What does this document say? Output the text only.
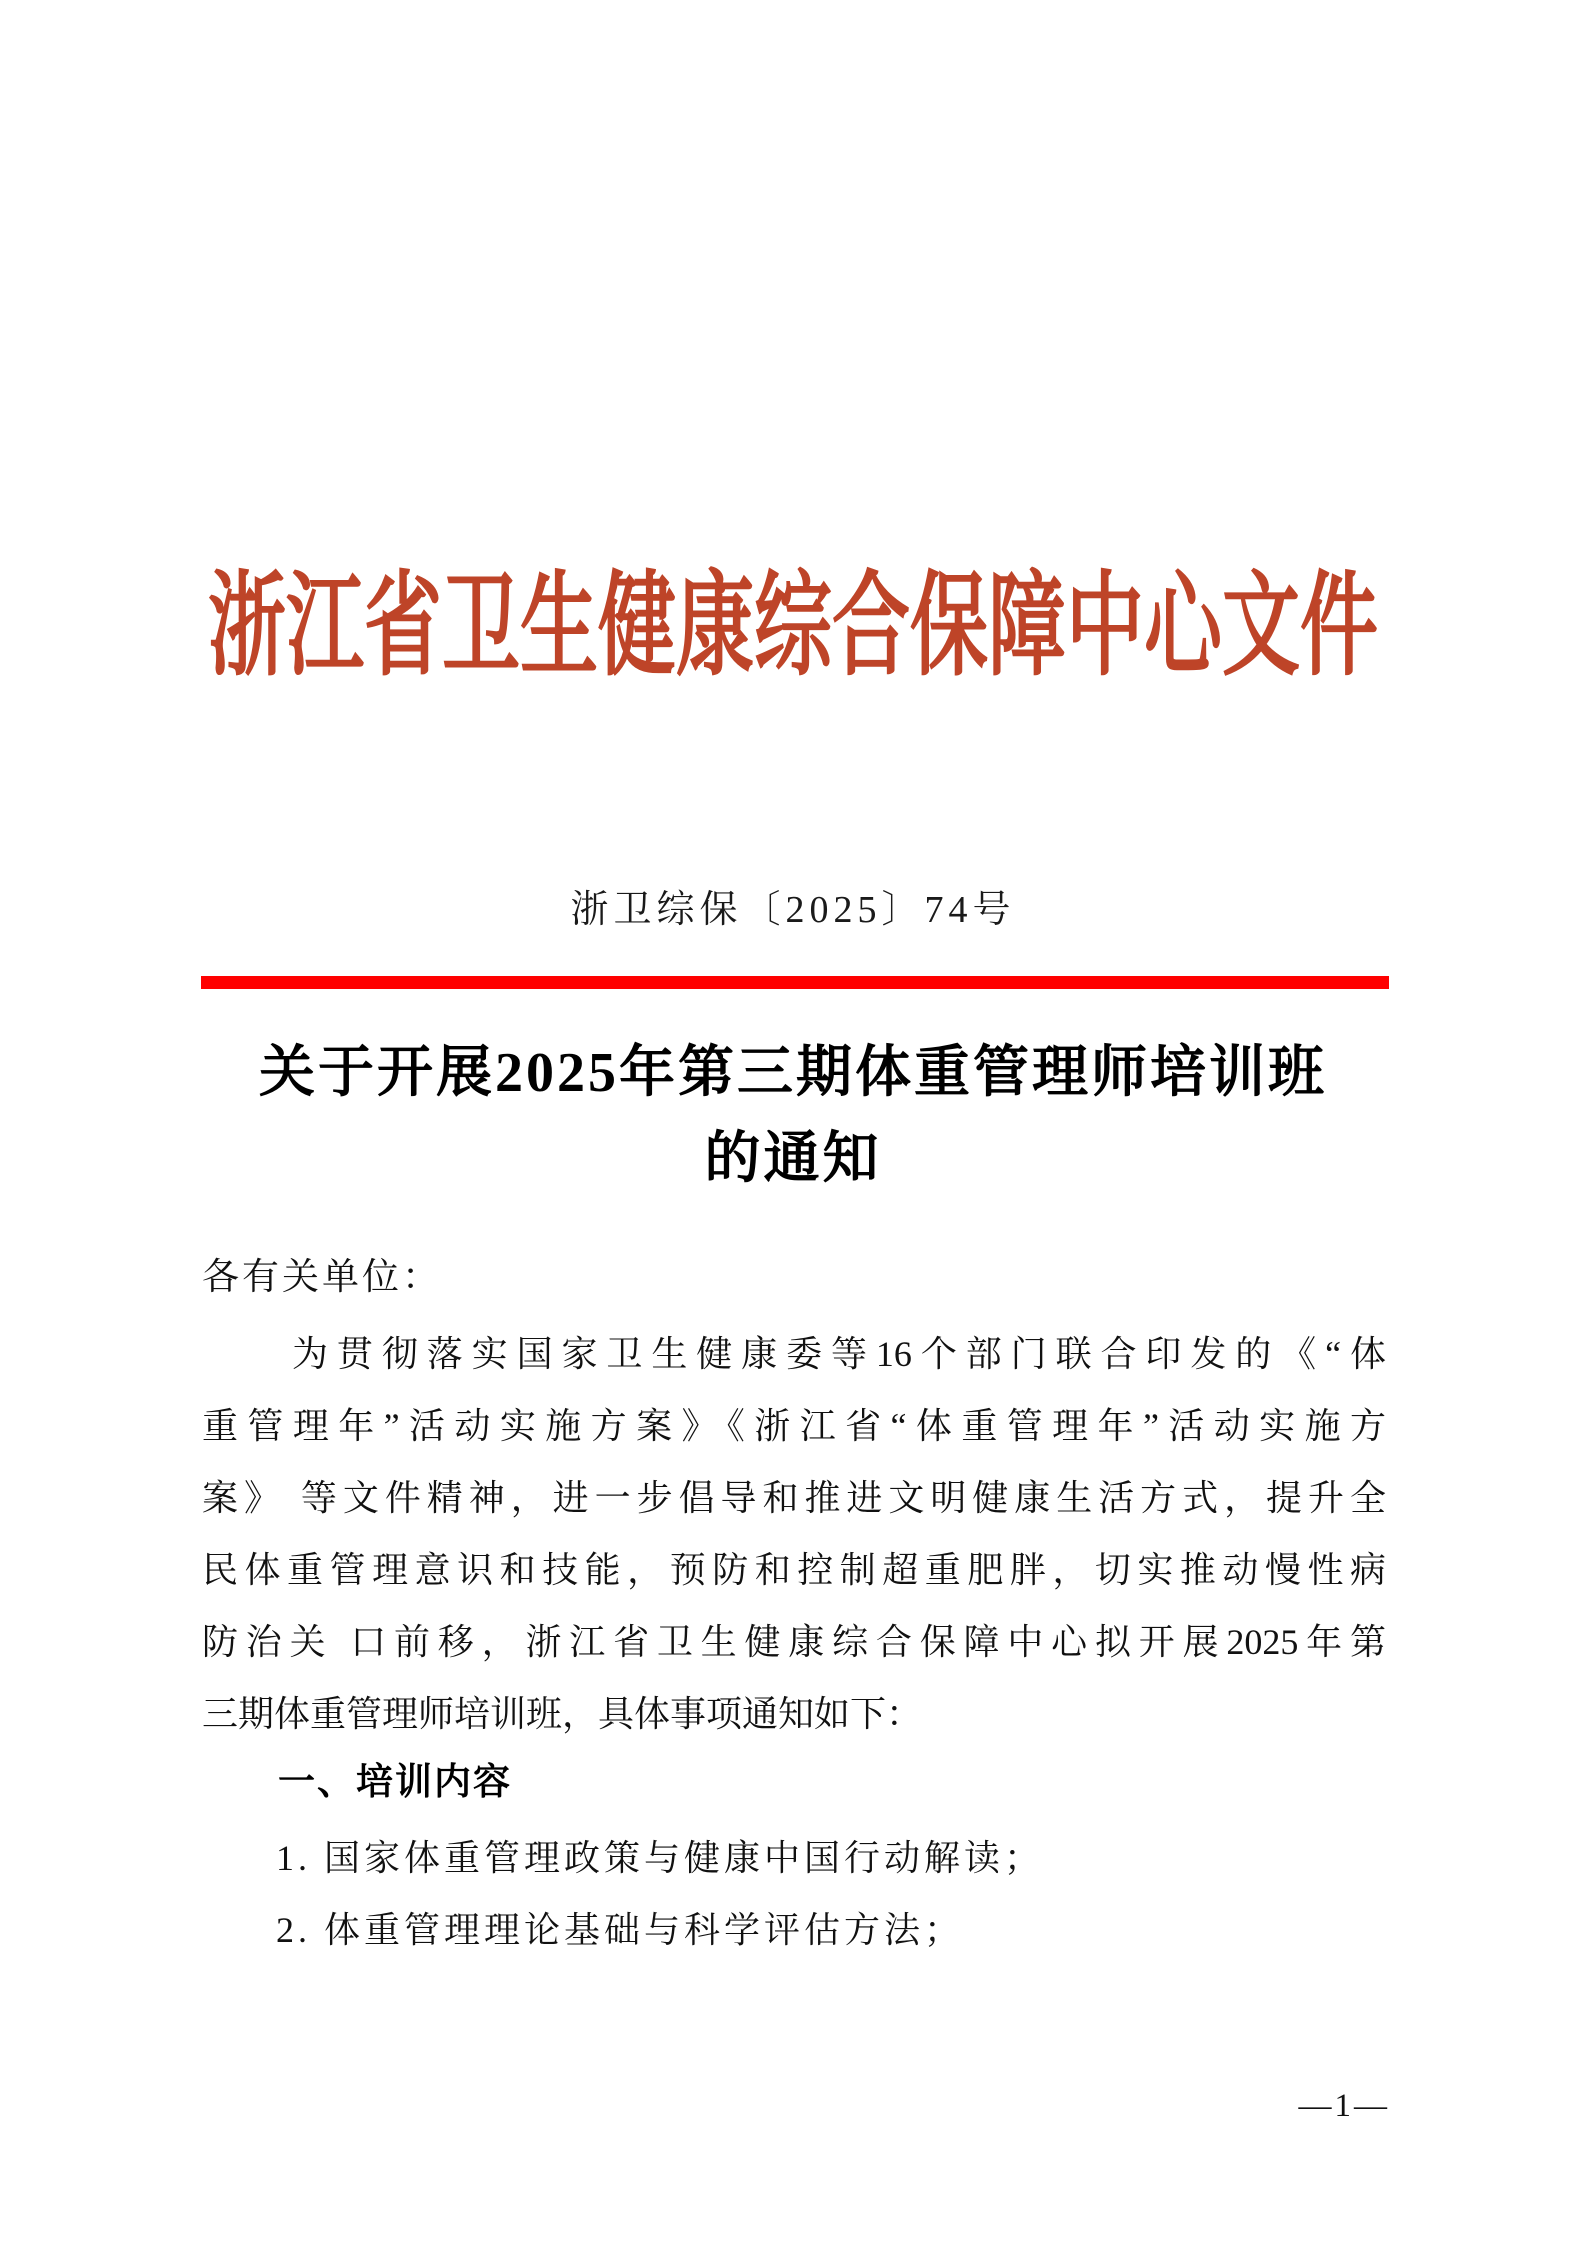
浙江省卫生健康综合保障中心文件
浙卫综保〔2025〕74号
关于开展2025年第三期体重管理师培训班
的通知
各有关单位：
为贯彻落实国家卫生健康委等16个部门联合印发的《“体
重管理年”活动实施方案》《浙江省“体重管理年”活动实施方
案》 等文件精神，进一步倡导和推进文明健康生活方式，提升全
民体重管理意识和技能，预防和控制超重肥胖，切实推动慢性病
防治关 口前移，浙江省卫生健康综合保障中心拟开展2025年第
三期体重管理师培训班，具体事项通知如下：
一、培训内容
1. 国家体重管理政策与健康中国行动解读；
2. 体重管理理论基础与科学评估方法；
—1—
